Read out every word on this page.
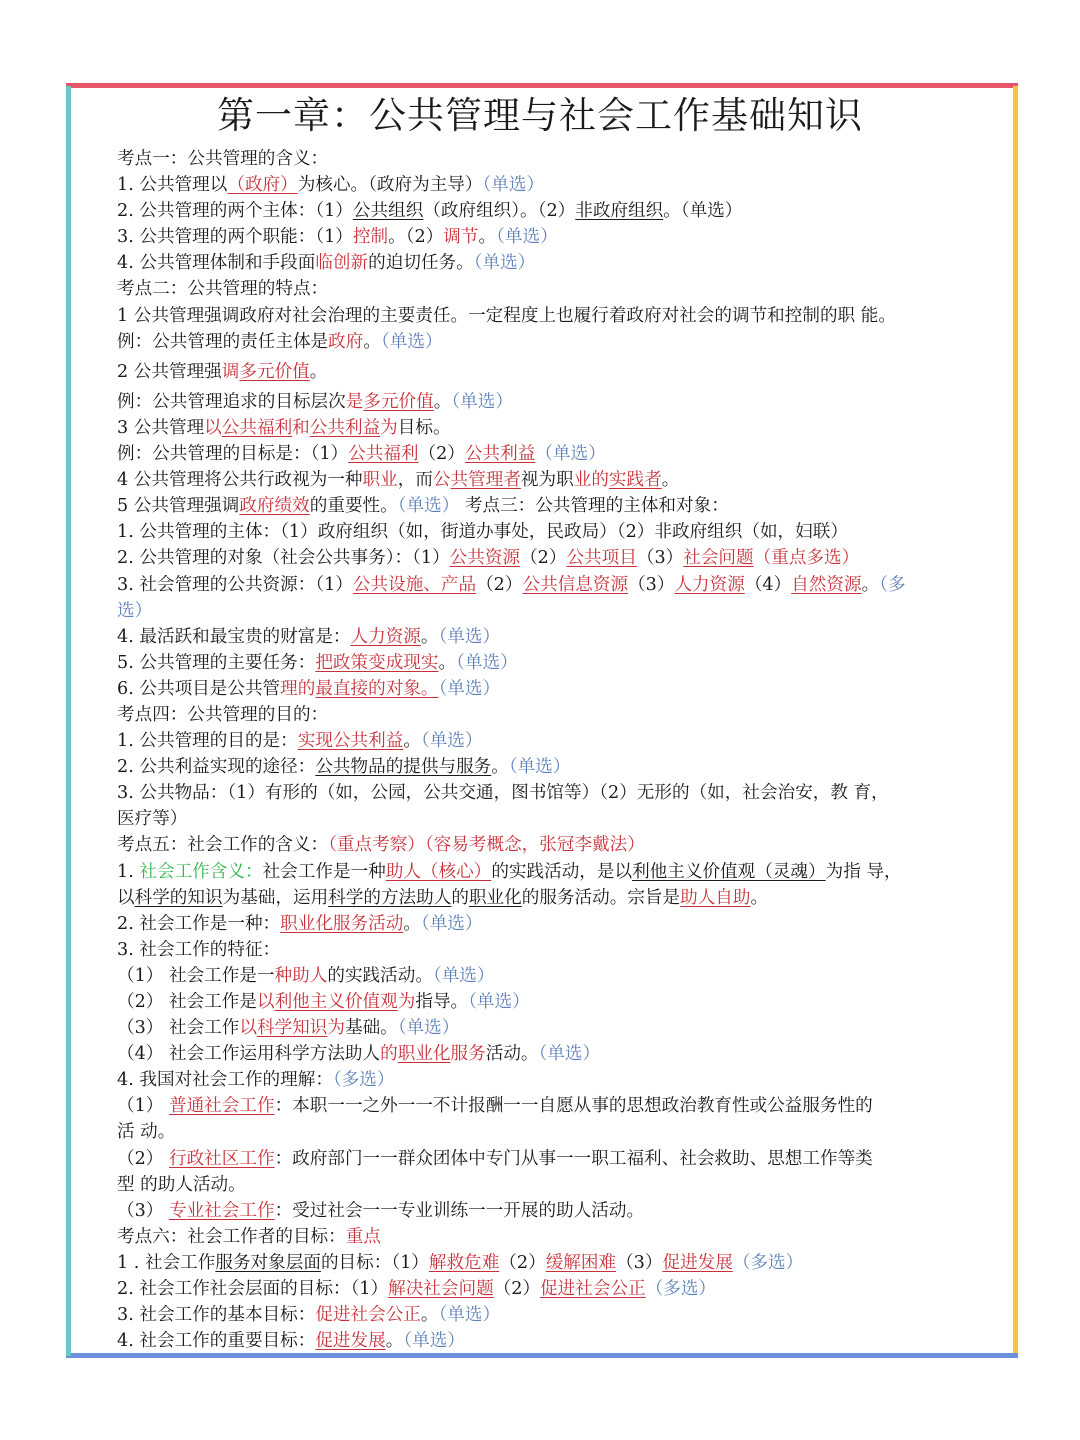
第一章：公共管理与社会工作基础知识
考点一：公共管理的含义：
1. 公共管理以（政府）为核心。（政府为主导）（单选）
2. 公共管理的两个主体：（1）公共组织（政府组织）。（2）非政府组织。（单选）
3. 公共管理的两个职能：（1）控制。（2）调节。（单选）
4. 公共管理体制和手段面临创新的迫切任务。（单选）
考点二：公共管理的特点：
1 公共管理强调政府对社会治理的主要责任。一定程度上也履行着政府对社会的调节和控制的职 能。
例：公共管理的责任主体是政府。（单选）
2 公共管理强调多元价值。
例：公共管理追求的目标层次是多元价值。（单选）
3 公共管理以公共福利和公共利益为目标。
例：公共管理的目标是：（1）公共福利（2）公共利益（单选）
4 公共管理将公共行政视为一种职业，而公共管理者视为职业的实践者。
5 公共管理强调政府绩效的重要性。（单选） 考点三：公共管理的主体和对象：
1. 公共管理的主体：（1）政府组织（如，街道办事处，民政局）（2）非政府组织（如，妇联）
2. 公共管理的对象（社会公共事务）：（1）公共资源（2）公共项目（3）社会问题（重点多选）
3. 社会管理的公共资源：（1）公共设施、产品（2）公共信息资源（3）人力资源（4）自然资源。（多
选）
4. 最活跃和最宝贵的财富是：人力资源。（单选）
5. 公共管理的主要任务：把政策变成现实。（单选）
6. 公共项目是公共管理的最直接的对象。（单选）
考点四：公共管理的目的：
1. 公共管理的目的是：实现公共利益。（单选）
2. 公共利益实现的途径：公共物品的提供与服务。（单选）
3. 公共物品：（1）有形的（如，公园，公共交通，图书馆等）（2）无形的（如，社会治安，教 育，
医疗等）
考点五：社会工作的含义：（重点考察）（容易考概念，张冠李戴法）
1. 社会工作含义：社会工作是一种助人（核心）的实践活动，是以利他主义价值观（灵魂）为指 导，
以科学的知识为基础，运用科学的方法助人的职业化的服务活动。宗旨是助人自助。
2. 社会工作是一种：职业化服务活动。（单选）
3. 社会工作的特征：
（1） 社会工作是一种助人的实践活动。（单选）
（2） 社会工作是以利他主义价值观为指导。（单选）
（3） 社会工作以科学知识为基础。（单选）
（4） 社会工作运用科学方法助人的职业化服务活动。（单选）
4. 我国对社会工作的理解：（多选）
（1） 普通社会工作：本职一一之外一一不计报酬一一自愿从事的思想政治教育性或公益服务性的
活 动。
（2） 行政社区工作：政府部门一一群众团体中专门从事一一职工福利、社会救助、思想工作等类
型 的助人活动。
（3） 专业社会工作：受过社会一一专业训练一一开展的助人活动。
考点六：社会工作者的目标：重点
1 . 社会工作服务对象层面的目标：（1）解救危难（2）缓解困难（3）促进发展（多选）
2. 社会工作社会层面的目标：（1）解决社会问题（2）促进社会公正（多选）
3. 社会工作的基本目标：促进社会公正。（单选）
4. 社会工作的重要目标：促进发展。（单选）
